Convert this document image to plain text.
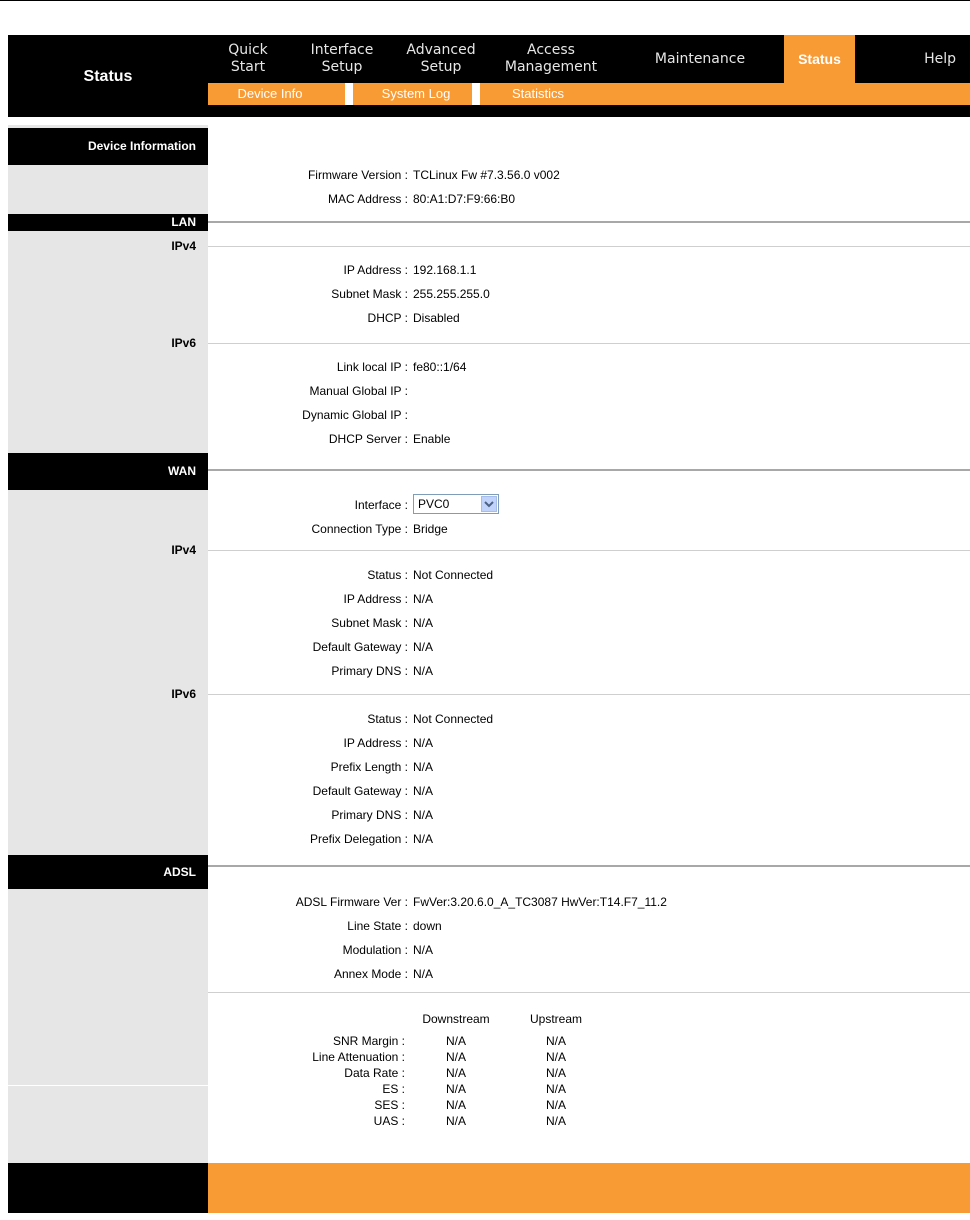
Status
Quick
Start
Interface
Setup
Advanced
Setup
Access
Management
Maintenance	Status	Help
Device Info	System Log	Statistics
Device Information
Firmware Version : TCLinux Fw #7.3.56.0 v002
MAC Address : 80:A1:D7:F9:66:B0
LAN
IPv4
IP Address : 192.168.1.1
Subnet Mask : 255.255.255.0
DHCP : Disabled
IPv6
Link local IP : fe80::1/64
Manual Global IP :
Dynamic Global IP :
DHCP Server : Enable
WAN
Interface : PVC0
Connection Type : Bridge
IPv4
Status : Not Connected
IP Address : N/A
Subnet Mask : N/A
Default Gateway : N/A
Primary DNS : N/A
IPv6
Status : Not Connected
IP Address : N/A
Prefix Length : N/A
Default Gateway : N/A
Primary DNS : N/A
Prefix Delegation : N/A
ADSL
ADSL Firmware Ver : FwVer:3.20.6.0_A_TC3087 HwVer:T14.F7_11.2
Line State : down
Modulation : N/A
Annex Mode : N/A
Downstream	Upstream
SNR Margin :	N/A	N/A
Line Attenuation :	N/A	N/A
Data Rate :	N/A	N/A
ES :	N/A	N/A
SES :	N/A	N/A
UAS :	N/A	N/A
